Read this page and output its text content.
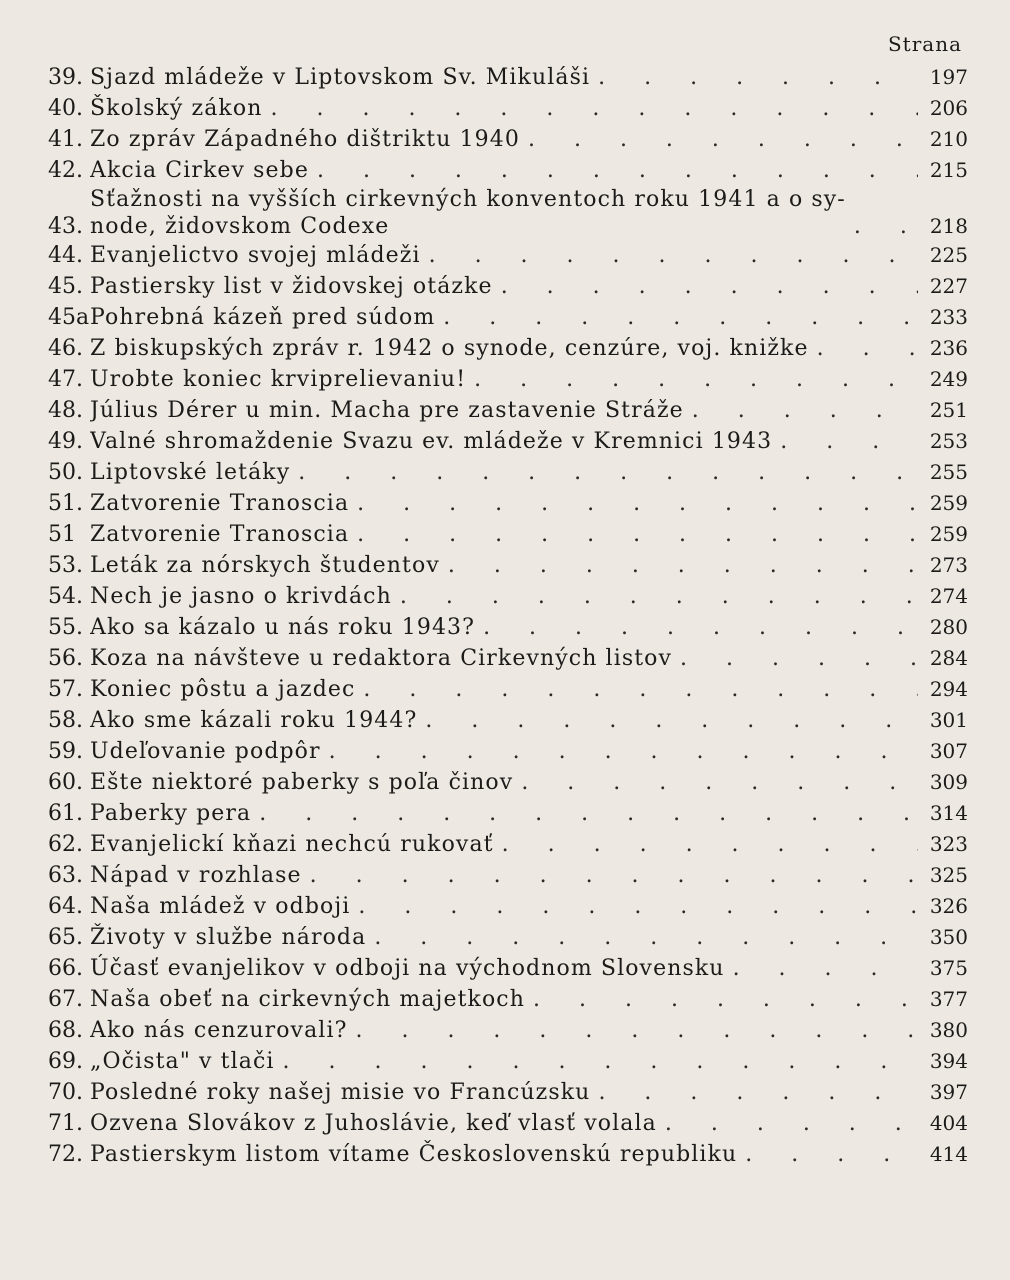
Strana
39. Sjazd mládeže v Liptovskom Sv. Mikuláši . . .	197
40. Školský zákon . . .	206
41. Zo zpráv Západného dištriktu 1940 . . .	210
42. Akcia Cirkev sebe . . .	215
43.
Sťažnosti na vyšších cirkevných konventoch roku 1941 a o sy-
node, židovskom Codexe . . .	218
44. Evanjelictvo svojej mládeži . . .	225
45. Pastiersky list v židovskej otázke . . .	227
45a Pohrebná kázeň pred súdom . . .	233
46. Z biskupských zpráv r. 1942 o synode, cenzúre, voj. knižke . . .	236
47. Urobte koniec krviprelievaniu! . . .	249
48. Július Dérer u min. Macha pre zastavenie Stráže . . .	251
49. Valné shromaždenie Svazu ev. mládeže v Kremnici 1943 . . .	253
50. Liptovské letáky . . .	255
51. Zatvorenie Tranoscia . . .	259
51 Zatvorenie Tranoscia . . .	259
53. Leták za nórskych študentov . . .	273
54. Nech je jasno o krivdách . . .	274
55. Ako sa kázalo u nás roku 1943? . . .	280
56. Koza na návšteve u redaktora Cirkevných listov . . .	284
57. Koniec pôstu a jazdec . . .	294
58. Ako sme kázali roku 1944? . . .	301
59. Udeľovanie podpôr . . .	307
60. Ešte niektoré paberky s poľa činov . . .	309
61. Paberky pera . . .	314
62. Evanjelickí kňazi nechcú rukovať . . .	323
63. Nápad v rozhlase . . .	325
64. Naša mládež v odboji . . .	326
65. Životy v službe národa . . .	350
66. Účasť evanjelikov v odboji na východnom Slovensku . . .	375
67. Naša obeť na cirkevných majetkoch . . .	377
68. Ako nás cenzurovali? . . .	380
69. „Očista" v tlači . . .	394
70. Posledné roky našej misie vo Francúzsku . . .	397
71. Ozvena Slovákov z Juhoslávie, keď vlasť volala . . .	404
72. Pastierskym listom vítame Československú republiku . . .	414
